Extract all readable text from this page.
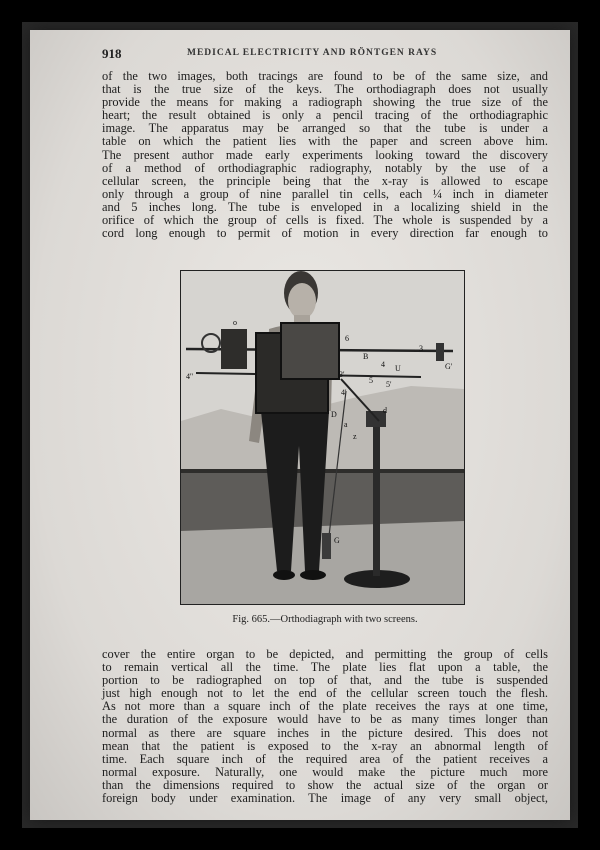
918	MEDICAL ELECTRICITY AND RÖNTGEN RAYS
of the two images, both tracings are found to be of the same size, and
that is the true size of the keys. The orthodiagraph does not usually
provide the means for making a radiograph showing the true size of the
heart; the result obtained is only a pencil tracing of the orthodiagraphic
image. The apparatus may be arranged so that the tube is under a
table on which the patient lies with the paper and screen above him.
The present author made early experiments looking toward the discovery
of a method of orthodiagraphic radiography, notably by the use of a
cellular screen, the principle being that the x-ray is allowed to escape
only through a group of nine parallel tin cells, each ¼ inch in diameter
and 5 inches long. The tube is enveloped in a localizing shield in the
orifice of which the group of cells is fixed. The whole is suspended by a
cord long enough to permit of motion in every direction far enough to
o
6
B
3
4
5
U	G'
3'
4'
5'
D	d
a
z
G
4''
Fig. 665.—Orthodiagraph with two screens.
cover the entire organ to be depicted, and permitting the group of cells
to remain vertical all the time. The plate lies flat upon a table, the
portion to be radiographed on top of that, and the tube is suspended
just high enough not to let the end of the cellular screen touch the flesh.
As not more than a square inch of the plate receives the rays at one time,
the duration of the exposure would have to be as many times longer than
normal as there are square inches in the picture desired. This does not
mean that the patient is exposed to the x-ray an abnormal length of
time. Each square inch of the required area of the patient receives a
normal exposure. Naturally, one would make the picture much more
than the dimensions required to show the actual size of the organ or
foreign body under examination. The image of any very small object,
